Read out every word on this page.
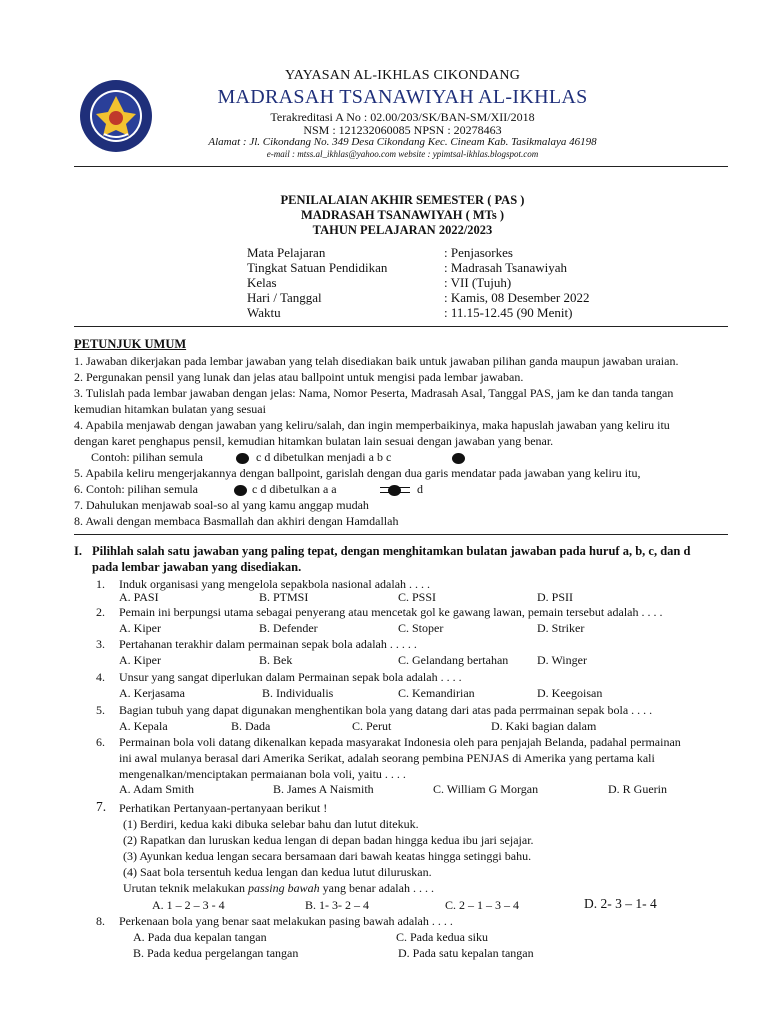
YAYASAN AL-IKHLAS CIKONDANG
MADRASAH TSANAWIYAH AL-IKHLAS
Terakreditasi A No : 02.00/203/SK/BAN-SM/XII/2018
NSM : 121232060085 NPSN : 20278463
Alamat : Jl. Cikondang No. 349 Desa Cikondang Kec. Cineam Kab. Tasikmalaya 46198
e-mail : mtss.al_ikhlas@yahoo.com website : ypimtsal-ikhlas.blogspot.com
PENILALAIAN AKHIR SEMESTER ( PAS )
MADRASAH TSANAWIYAH ( MTs )
TAHUN PELAJARAN 2022/2023
Mata Pelajaran	: Penjasorkes
Tingkat Satuan Pendidikan	: Madrasah Tsanawiyah
Kelas	: VII (Tujuh)
Hari / Tanggal	: Kamis, 08 Desember 2022
Waktu	: 11.15-12.45 (90 Menit)
PETUNJUK UMUM
1. Jawaban dikerjakan pada lembar jawaban yang telah disediakan baik untuk jawaban pilihan ganda maupun jawaban uraian.
2. Pergunakan pensil yang lunak dan jelas atau ballpoint untuk mengisi pada lembar jawaban.
3. Tulislah pada lembar jawaban dengan jelas: Nama, Nomor Peserta, Madrasah Asal, Tanggal PAS, jam ke dan tanda tangan
kemudian hitamkan bulatan yang sesuai
4. Apabila menjawab dengan jawaban yang keliru/salah, dan ingin memperbaikinya, maka hapuslah jawaban yang keliru itu
dengan karet penghapus pensil, kemudian hitamkan bulatan lain sesuai dengan jawaban yang benar.
Contoh: pilihan semula	c d dibetulkan menjadi a b c
5. Apabila keliru mengerjakannya dengan ballpoint, garislah dengan dua garis mendatar pada jawaban yang keliru itu,
6. Contoh: pilihan semula	c d dibetulkan a a	d
7. Dahulukan menjawab soal-so al yang kamu anggap mudah
8. Awali dengan membaca Basmallah dan akhiri dengan Hamdallah
I. Pilihlah salah satu jawaban yang paling tepat, dengan menghitamkan bulatan jawaban pada huruf a, b, c, dan d
pada lembar jawaban yang disediakan.
1. Induk organisasi yang mengelola sepakbola nasional adalah . . . .
A. PASI	B. PTMSI	C. PSSI	D. PSII
2. Pemain ini berpungsi utama sebagai penyerang atau mencetak gol ke gawang lawan, pemain tersebut adalah . . . .
A. Kiper	B. Defender	C. Stoper	D. Striker
3. Pertahanan terakhir dalam permainan sepak bola adalah . . . . .
A. Kiper	B. Bek	C. Gelandang bertahan D. Winger
4. Unsur yang sangat diperlukan dalam Permainan sepak bola adalah . . . .
A. Kerjasama	B. Individualis	C. Kemandirian	D. Keegoisan
5. Bagian tubuh yang dapat digunakan menghentikan bola yang datang dari atas pada perrmainan sepak bola . . . .
A. Kepala	B. Dada	C. Perut	D. Kaki bagian dalam
6. Permainan bola voli datang dikenalkan kepada masyarakat Indonesia oleh para penjajah Belanda, padahal permainan
ini awal mulanya berasal dari Amerika Serikat, adalah seorang pembina PENJAS di Amerika yang pertama kali
mengenalkan/menciptakan permaianan bola voli, yaitu . . . .
A. Adam Smith	B. James A Naismith	C. William G Morgan	D. R Guerin
7. Perhatikan Pertanyaan-pertanyaan berikut !
(1) Berdiri, kedua kaki dibuka selebar bahu dan lutut ditekuk.
(2) Rapatkan dan luruskan kedua lengan di depan badan hingga kedua ibu jari sejajar.
(3) Ayunkan kedua lengan secara bersamaan dari bawah keatas hingga setinggi bahu.
(4) Saat bola tersentuh kedua lengan dan kedua lutut diluruskan.
Urutan teknik melakukan passing bawah yang benar adalah . . . .
A. 1 – 2 – 3 - 4	B. 1- 3- 2 – 4	C. 2 – 1 – 3 – 4	D. 2- 3 – 1- 4
8. Perkenaan bola yang benar saat melakukan pasing bawah adalah . . . .
A. Pada dua kepalan tangan	C. Pada kedua siku
B. Pada kedua pergelangan tangan	D. Pada satu kepalan tangan
